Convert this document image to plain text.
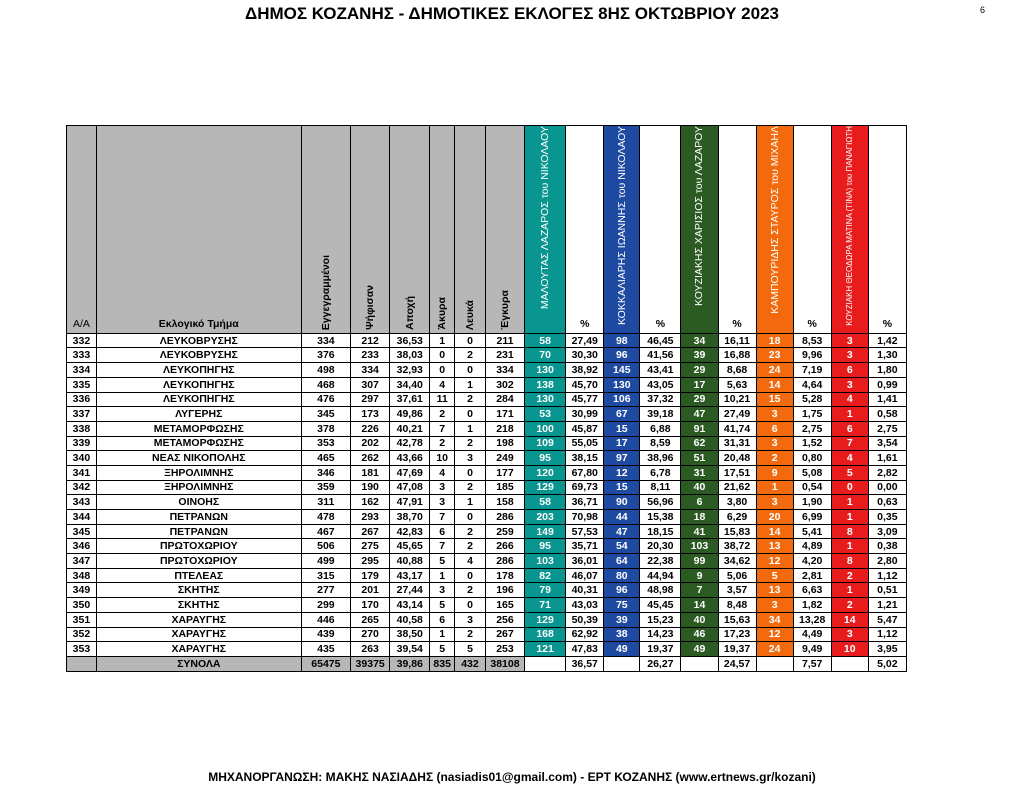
ΔΗΜΟΣ ΚΟΖΑΝΗΣ - ΔΗΜΟΤΙΚΕΣ ΕΚΛΟΓΕΣ 8ΗΣ ΟΚΤΩΒΡΙΟΥ 2023	6
Α/Α	Εκλογικό Τμήμα	Εγγεγραμμένοι	Ψήφισαν	Αποχή	Άκυρα	Λευκά	Έγκυρα	ΜΑΛΟΥΤΑΣ ΛΑΖΑΡΟΣ του ΝΙΚΟΛΑΟΥ	%	ΚΟΚΚΑΛΙΑΡΗΣ ΙΩΑΝΝΗΣ του ΝΙΚΟΛΑΟΥ	%	ΚΟΥΖΙΑΚΗΣ ΧΑΡΙΣΙΟΣ του ΛΑΖΑΡΟΥ	%	ΚΑΜΠΟΥΡΙΔΗΣ ΣΤΑΥΡΟΣ του ΜΙΧΑΗΛ	%	ΚΟΥΖΙΑΚΗ ΘΕΟΔΩΡΑ ΜΑΤΙΝΑ (ΤΙΝΑ) του ΠΑΝΑΓΙΩΤΗ	%
332	ΛΕΥΚΟΒΡΥΣΗΣ	334	212	36,53	1	0	211	58	27,49	98	46,45	34	16,11	18	8,53	3	1,42
333	ΛΕΥΚΟΒΡΥΣΗΣ	376	233	38,03	0	2	231	70	30,30	96	41,56	39	16,88	23	9,96	3	1,30
334	ΛΕΥΚΟΠΗΓΗΣ	498	334	32,93	0	0	334	130	38,92	145	43,41	29	8,68	24	7,19	6	1,80
335	ΛΕΥΚΟΠΗΓΗΣ	468	307	34,40	4	1	302	138	45,70	130	43,05	17	5,63	14	4,64	3	0,99
336	ΛΕΥΚΟΠΗΓΗΣ	476	297	37,61	11	2	284	130	45,77	106	37,32	29	10,21	15	5,28	4	1,41
337	ΛΥΓΕΡΗΣ	345	173	49,86	2	0	171	53	30,99	67	39,18	47	27,49	3	1,75	1	0,58
338	ΜΕΤΑΜΟΡΦΩΣΗΣ	378	226	40,21	7	1	218	100	45,87	15	6,88	91	41,74	6	2,75	6	2,75
339	ΜΕΤΑΜΟΡΦΩΣΗΣ	353	202	42,78	2	2	198	109	55,05	17	8,59	62	31,31	3	1,52	7	3,54
340	ΝΕΑΣ ΝΙΚΟΠΟΛΗΣ	465	262	43,66	10	3	249	95	38,15	97	38,96	51	20,48	2	0,80	4	1,61
341	ΞΗΡΟΛΙΜΝΗΣ	346	181	47,69	4	0	177	120	67,80	12	6,78	31	17,51	9	5,08	5	2,82
342	ΞΗΡΟΛΙΜΝΗΣ	359	190	47,08	3	2	185	129	69,73	15	8,11	40	21,62	1	0,54	0	0,00
343	ΟΙΝΟΗΣ	311	162	47,91	3	1	158	58	36,71	90	56,96	6	3,80	3	1,90	1	0,63
344	ΠΕΤΡΑΝΩΝ	478	293	38,70	7	0	286	203	70,98	44	15,38	18	6,29	20	6,99	1	0,35
345	ΠΕΤΡΑΝΩΝ	467	267	42,83	6	2	259	149	57,53	47	18,15	41	15,83	14	5,41	8	3,09
346	ΠΡΩΤΟΧΩΡΙΟΥ	506	275	45,65	7	2	266	95	35,71	54	20,30	103	38,72	13	4,89	1	0,38
347	ΠΡΩΤΟΧΩΡΙΟΥ	499	295	40,88	5	4	286	103	36,01	64	22,38	99	34,62	12	4,20	8	2,80
348	ΠΤΕΛΕΑΣ	315	179	43,17	1	0	178	82	46,07	80	44,94	9	5,06	5	2,81	2	1,12
349	ΣΚΗΤΗΣ	277	201	27,44	3	2	196	79	40,31	96	48,98	7	3,57	13	6,63	1	0,51
350	ΣΚΗΤΗΣ	299	170	43,14	5	0	165	71	43,03	75	45,45	14	8,48	3	1,82	2	1,21
351	ΧΑΡΑΥΓΗΣ	446	265	40,58	6	3	256	129	50,39	39	15,23	40	15,63	34	13,28	14	5,47
352	ΧΑΡΑΥΓΗΣ	439	270	38,50	1	2	267	168	62,92	38	14,23	46	17,23	12	4,49	3	1,12
353	ΧΑΡΑΥΓΗΣ	435	263	39,54	5	5	253	121	47,83	49	19,37	49	19,37	24	9,49	10	3,95
	ΣΥΝΟΛΑ	65475	39375	39,86	835	432	38108	13935	36,57	10011	26,27	9363	24,57	2886	7,57	1913	5,02
ΜΗΧΑΝΟΡΓΑΝΩΣΗ: ΜΑΚΗΣ ΝΑΣΙΑΔΗΣ (nasiadis01@gmail.com) - ΕΡΤ ΚΟΖΑΝΗΣ (www.ertnews.gr/kozani)
